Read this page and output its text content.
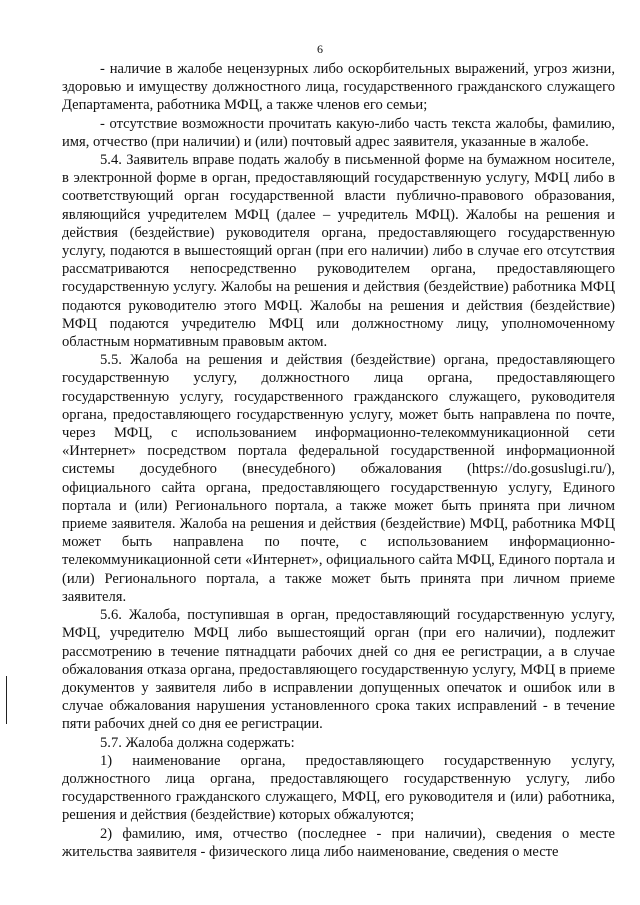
6

- наличие в жалобе нецензурных либо оскорбительных выражений, угроз жизни, здоровью и имуществу должностного лица, государственного гражданского служащего Департамента, работника МФЦ, а также членов его семьи;

- отсутствие возможности прочитать какую-либо часть текста жалобы, фамилию, имя, отчество (при наличии) и (или) почтовый адрес заявителя, указанные в жалобе.

5.4. Заявитель вправе подать жалобу в письменной форме на бумажном носителе, в электронной форме в орган, предоставляющий государственную услугу, МФЦ либо в соответствующий орган государственной власти публично-правового образования, являющийся учредителем МФЦ (далее – учредитель МФЦ). Жалобы на решения и действия (бездействие) руководителя органа, предоставляющего государственную услугу, подаются в вышестоящий орган (при его наличии) либо в случае его отсутствия рассматриваются непосредственно руководителем органа, предоставляющего государственную услугу. Жалобы на решения и действия (бездействие) работника МФЦ подаются руководителю этого МФЦ. Жалобы на решения и действия (бездействие) МФЦ подаются учредителю МФЦ или должностному лицу, уполномоченному областным нормативным правовым актом.

5.5. Жалоба на решения и действия (бездействие) органа, предоставляющего государственную услугу, должностного лица органа, предоставляющего государственную услугу, государственного гражданского служащего, руководителя органа, предоставляющего государственную услугу, может быть направлена по почте, через МФЦ, с использованием информационно-телекоммуникационной сети «Интернет» посредством портала федеральной государственной информационной системы досудебного (внесудебного) обжалования (https://do.gosuslugi.ru/), официального сайта органа, предоставляющего государственную услугу, Единого портала и (или) Регионального портала, а также может быть принята при личном приеме заявителя. Жалоба на решения и действия (бездействие) МФЦ, работника МФЦ может быть направлена по почте, с использованием информационно-телекоммуникационной сети «Интернет», официального сайта МФЦ, Единого портала и (или) Регионального портала, а также может быть принята при личном приеме заявителя.

5.6. Жалоба, поступившая в орган, предоставляющий государственную услугу, МФЦ, учредителю МФЦ либо вышестоящий орган (при его наличии), подлежит рассмотрению в течение пятнадцати рабочих дней со дня ее регистрации, а в случае обжалования отказа органа, предоставляющего государственную услугу, МФЦ в приеме документов у заявителя либо в исправлении допущенных опечаток и ошибок или в случае обжалования нарушения установленного срока таких исправлений - в течение пяти рабочих дней со дня ее регистрации.

5.7. Жалоба должна содержать:

1) наименование органа, предоставляющего государственную услугу, должностного лица органа, предоставляющего государственную услугу, либо государственного гражданского служащего, МФЦ, его руководителя и (или) работника, решения и действия (бездействие) которых обжалуются;

2) фамилию, имя, отчество (последнее - при наличии), сведения о месте жительства заявителя - физического лица либо наименование, сведения о месте
